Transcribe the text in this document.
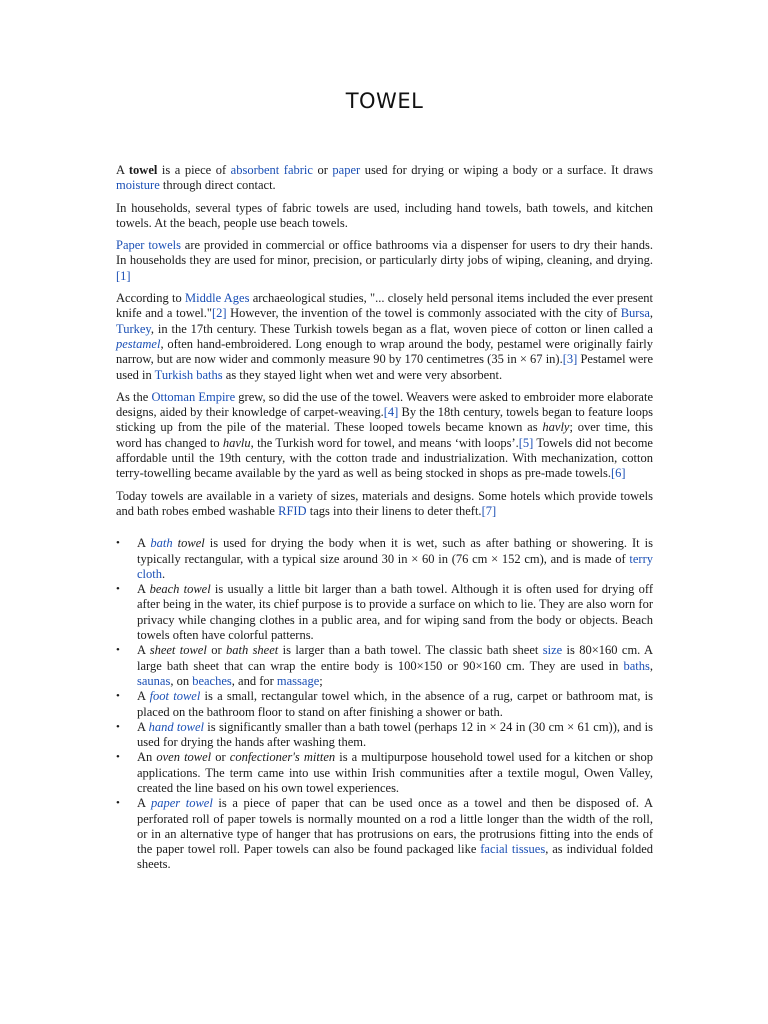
TOWEL

A towel is a piece of absorbent fabric or paper used for drying or wiping a body or a surface. It draws moisture through direct contact.

In households, several types of fabric towels are used, including hand towels, bath towels, and kitchen towels. At the beach, people use beach towels.

Paper towels are provided in commercial or office bathrooms via a dispenser for users to dry their hands. In households they are used for minor, precision, or particularly dirty jobs of wiping, cleaning, and drying.[1]

According to Middle Ages archaeological studies, "... closely held personal items included the ever present knife and a towel."[2] However, the invention of the towel is commonly associated with the city of Bursa, Turkey, in the 17th century. These Turkish towels began as a flat, woven piece of cotton or linen called a pestamel, often hand-embroidered. Long enough to wrap around the body, pestamel were originally fairly narrow, but are now wider and commonly measure 90 by 170 centimetres (35 in × 67 in).[3] Pestamel were used in Turkish baths as they stayed light when wet and were very absorbent.

As the Ottoman Empire grew, so did the use of the towel. Weavers were asked to embroider more elaborate designs, aided by their knowledge of carpet-weaving.[4] By the 18th century, towels began to feature loops sticking up from the pile of the material. These looped towels became known as havly; over time, this word has changed to havlu, the Turkish word for towel, and means ‘with loops’.[5] Towels did not become affordable until the 19th century, with the cotton trade and industrialization. With mechanization, cotton terry-towelling became available by the yard as well as being stocked in shops as pre-made towels.[6]

Today towels are available in a variety of sizes, materials and designs. Some hotels which provide towels and bath robes embed washable RFID tags into their linens to deter theft.[7]

•	A bath towel is used for drying the body when it is wet, such as after bathing or showering. It is typically rectangular, with a typical size around 30 in × 60 in (76 cm × 152 cm), and is made of terry cloth.
•	A beach towel is usually a little bit larger than a bath towel. Although it is often used for drying off after being in the water, its chief purpose is to provide a surface on which to lie. They are also worn for privacy while changing clothes in a public area, and for wiping sand from the body or objects. Beach towels often have colorful patterns.
•	A sheet towel or bath sheet is larger than a bath towel. The classic bath sheet size is 80×160 cm. A large bath sheet that can wrap the entire body is 100×150 or 90×160 cm. They are used in baths, saunas, on beaches, and for massage;
•	A foot towel is a small, rectangular towel which, in the absence of a rug, carpet or bathroom mat, is placed on the bathroom floor to stand on after finishing a shower or bath.
•	A hand towel is significantly smaller than a bath towel (perhaps 12 in × 24 in (30 cm × 61 cm)), and is used for drying the hands after washing them.
•	An oven towel or confectioner's mitten is a multipurpose household towel used for a kitchen or shop applications. The term came into use within Irish communities after a textile mogul, Owen Valley, created the line based on his own towel experiences.
•	A paper towel is a piece of paper that can be used once as a towel and then be disposed of. A perforated roll of paper towels is normally mounted on a rod a little longer than the width of the roll, or in an alternative type of hanger that has protrusions on ears, the protrusions fitting into the ends of the paper towel roll. Paper towels can also be found packaged like facial tissues, as individual folded sheets.
